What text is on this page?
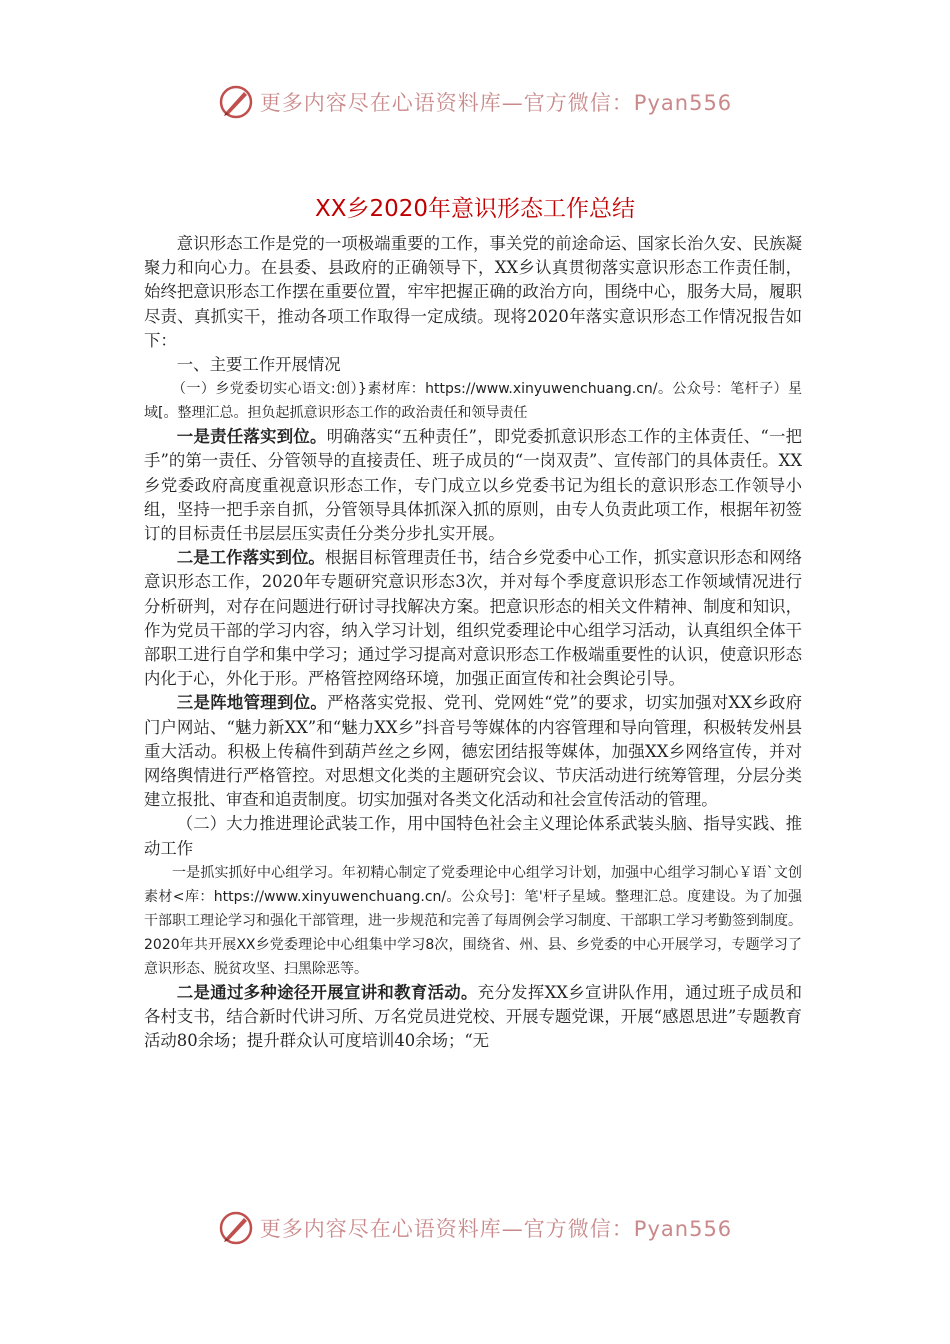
更多内容尽在心语资料库—官方微信：Pyan556
XX乡2020年意识形态工作总结

意识形态工作是党的一项极端重要的工作，事关党的前途命运、国家长治久安、民族凝聚力和向心力。在县委、县政府的正确领导下，XX乡认真贯彻落实意识形态工作责任制，始终把意识形态工作摆在重要位置，牢牢把握正确的政治方向，围绕中心，服务大局，履职尽责、真抓实干，推动各项工作取得一定成绩。现将2020年落实意识形态工作情况报告如下：

一、主要工作开展情况

（一）乡党委切实心语文:创）}素材库：https://www.xinyuwenchuang.cn/。公众号：笔杆子）星域[。整理汇总。担负起抓意识形态工作的政治责任和领导责任

一是责任落实到位。明确落实“五种责任”，即党委抓意识形态工作的主体责任、“一把手”的第一责任、分管领导的直接责任、班子成员的“一岗双责”、宣传部门的具体责任。XX乡党委政府高度重视意识形态工作，专门成立以乡党委书记为组长的意识形态工作领导小组，坚持一把手亲自抓，分管领导具体抓深入抓的原则，由专人负责此项工作，根据年初签订的目标责任书层层压实责任分类分步扎实开展。

二是工作落实到位。根据目标管理责任书，结合乡党委中心工作，抓实意识形态和网络意识形态工作，2020年专题研究意识形态3次，并对每个季度意识形态工作领域情况进行分析研判，对存在问题进行研讨寻找解决方案。把意识形态的相关文件精神、制度和知识，作为党员干部的学习内容，纳入学习计划，组织党委理论中心组学习活动，认真组织全体干部职工进行自学和集中学习；通过学习提高对意识形态工作极端重要性的认识，使意识形态内化于心，外化于形。严格管控网络环境，加强正面宣传和社会舆论引导。

三是阵地管理到位。严格落实党报、党刊、党网姓“党”的要求，切实加强对XX乡政府门户网站、“魅力新XX”和“魅力XX乡”抖音号等媒体的内容管理和导向管理，积极转发州县重大活动。积极上传稿件到葫芦丝之乡网，德宏团结报等媒体，加强XX乡网络宣传，并对网络舆情进行严格管控。对思想文化类的主题研究会议、节庆活动进行统筹管理，分层分类建立报批、审查和追责制度。切实加强对各类文化活动和社会宣传活动的管理。

（二）大力推进理论武装工作，用中国特色社会主义理论体系武装头脑、指导实践、推动工作

一是抓实抓好中心组学习。年初精心制定了党委理论中心组学习计划，加强中心组学习制心￥语`文创素材<库：https://www.xinyuwenchuang.cn/。公众号]：笔'杆子星域。整理汇总。度建设。为了加强干部职工理论学习和强化干部管理，进一步规范和完善了每周例会学习制度、干部职工学习考勤签到制度。2020年共开展XX乡党委理论中心组集中学习8次，围绕省、州、县、乡党委的中心开展学习，专题学习了意识形态、脱贫攻坚、扫黑除恶等。

二是通过多种途径开展宣讲和教育活动。充分发挥XX乡宣讲队作用，通过班子成员和各村支书，结合新时代讲习所、万名党员进党校、开展专题党课，开展“感恩思进”专题教育活动80余场；提升群众认可度培训40余场；“无

更多内容尽在心语资料库—官方微信：Pyan556
